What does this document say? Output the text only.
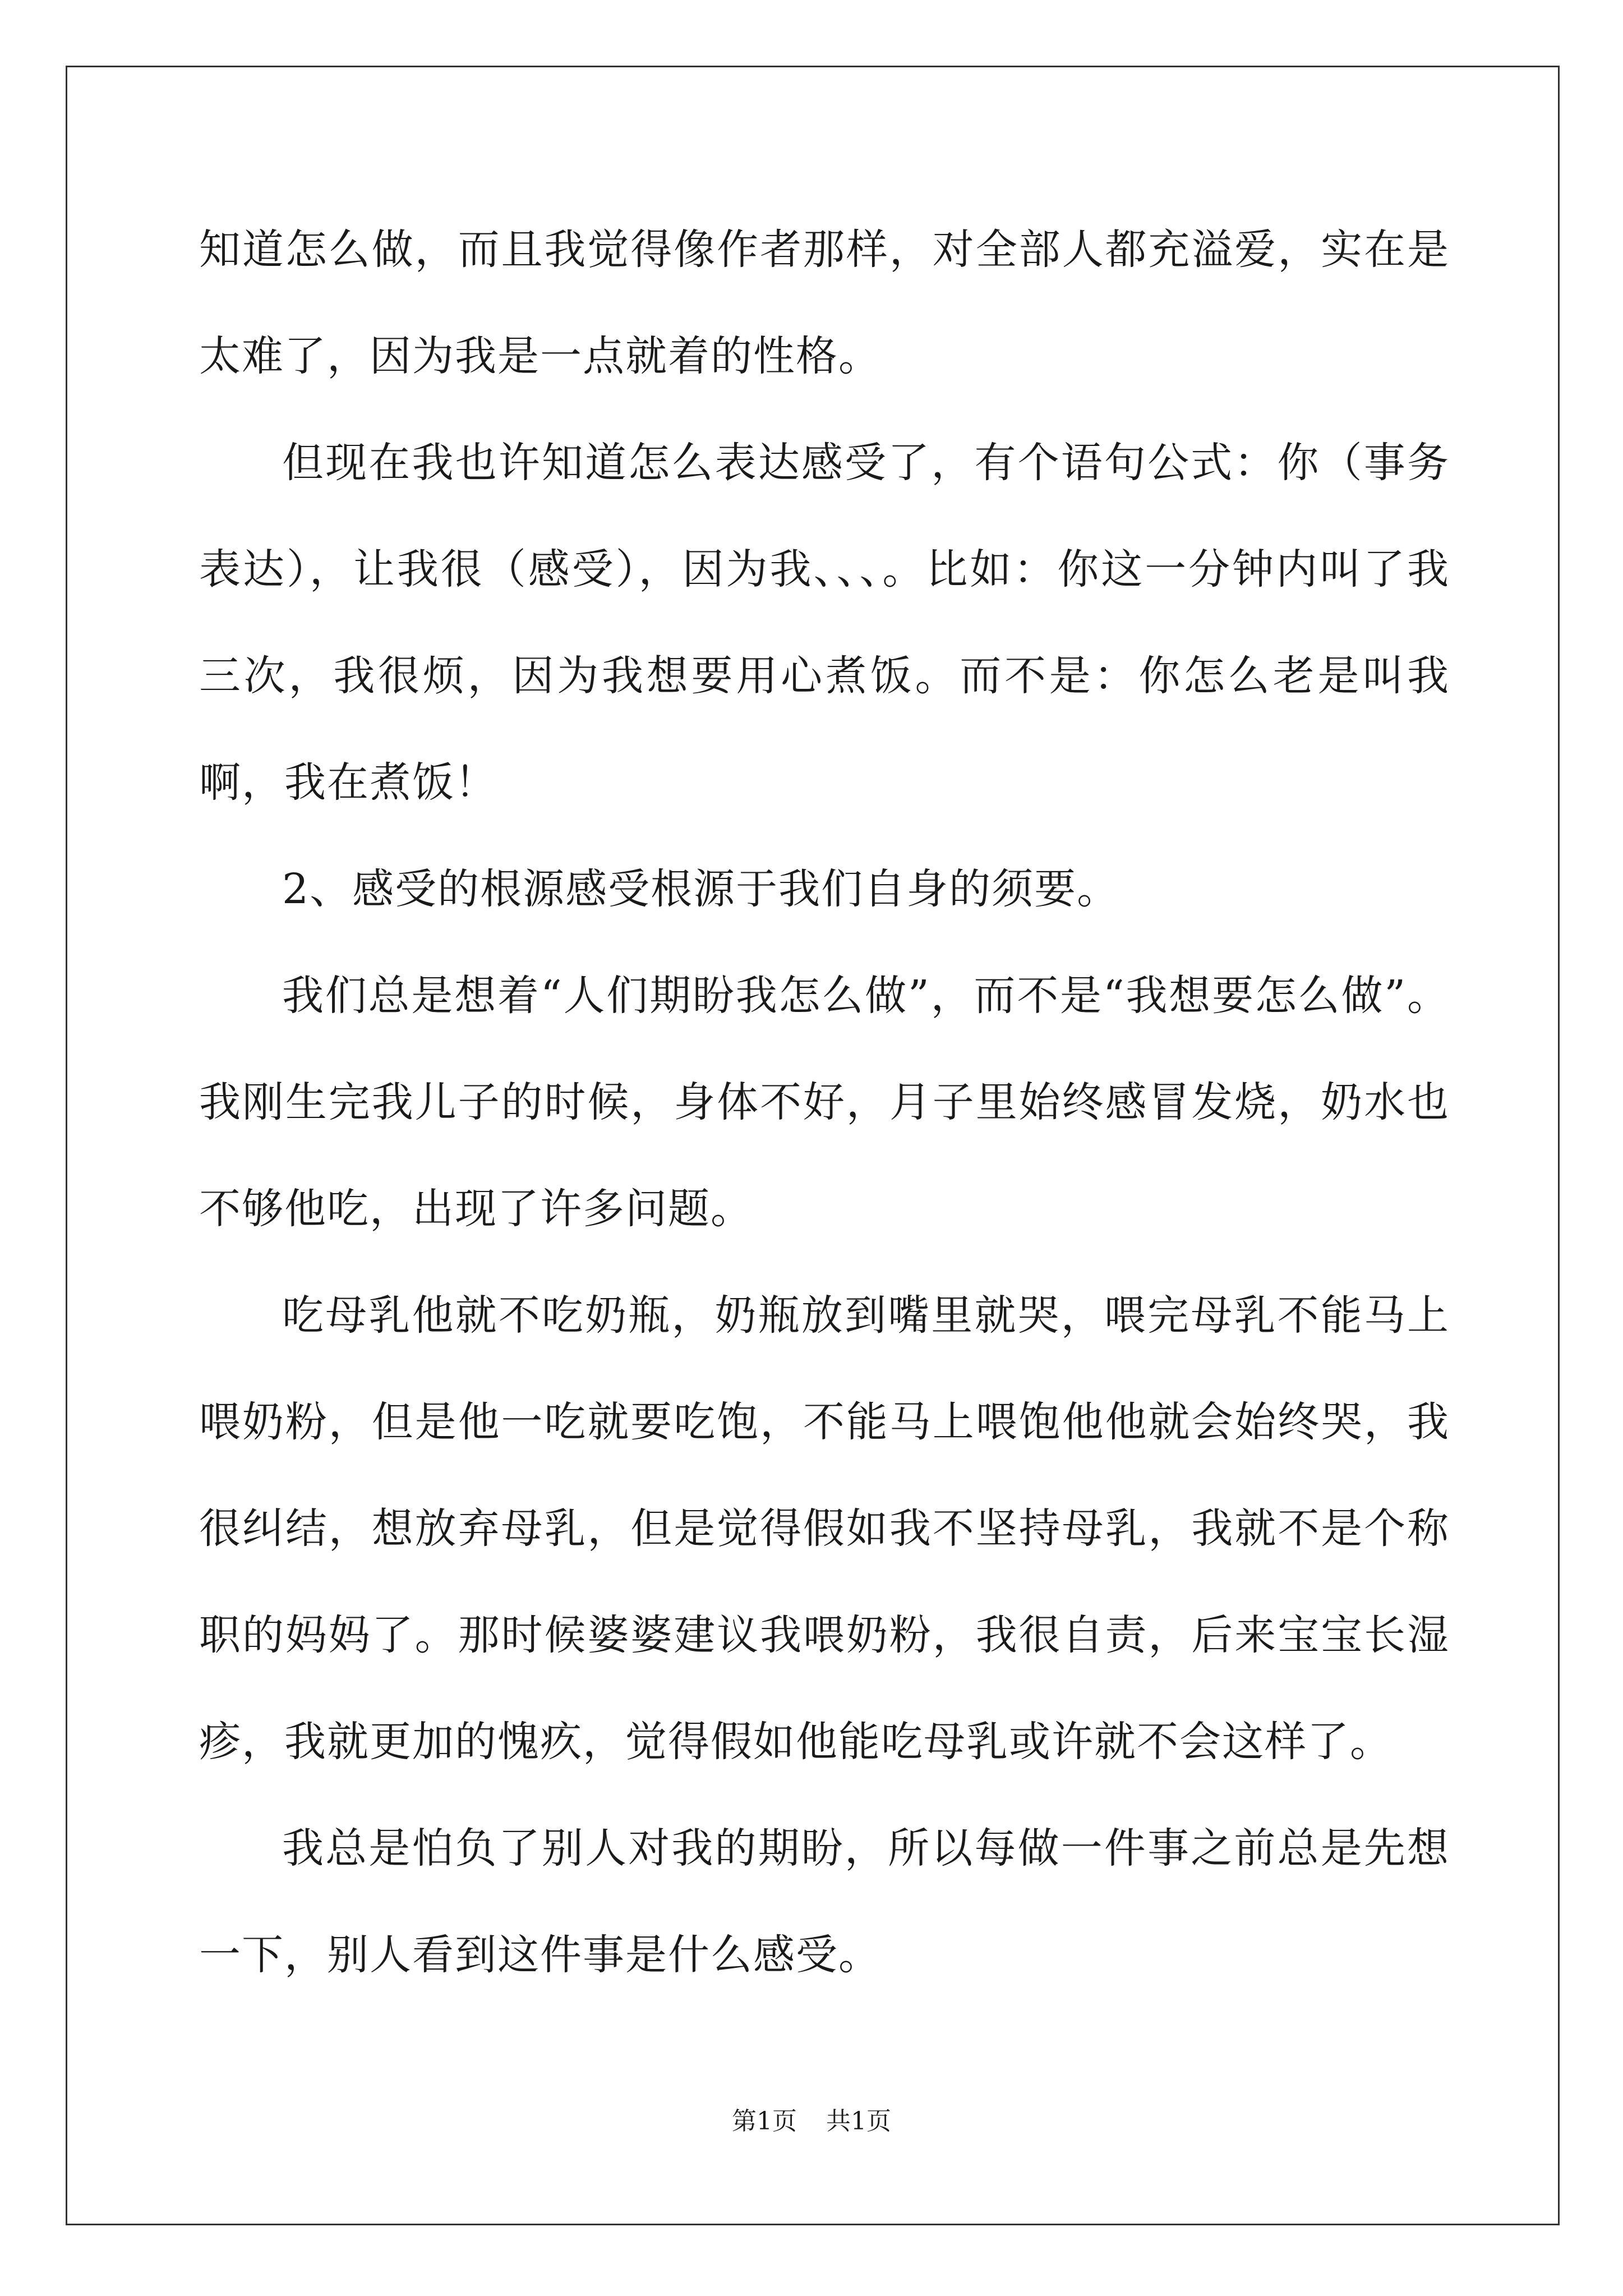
知道怎么做，而且我觉得像作者那样，对全部人都充溢爱，实在是太难了，因为我是一点就着的性格。

但现在我也许知道怎么表达感受了，有个语句公式：你（事务表达），让我很（感受），因为我、、、。比如：你这一分钟内叫了我三次，我很烦，因为我想要用心煮饭。而不是：你怎么老是叫我啊，我在煮饭！

2、感受的根源感受根源于我们自身的须要。

我们总是想着“人们期盼我怎么做”，而不是“我想要怎么做”。我刚生完我儿子的时候，身体不好，月子里始终感冒发烧，奶水也不够他吃，出现了许多问题。

吃母乳他就不吃奶瓶，奶瓶放到嘴里就哭，喂完母乳不能马上喂奶粉，但是他一吃就要吃饱，不能马上喂饱他他就会始终哭，我很纠结，想放弃母乳，但是觉得假如我不坚持母乳，我就不是个称职的妈妈了。那时候婆婆建议我喂奶粉，我很自责，后来宝宝长湿疹，我就更加的愧疚，觉得假如他能吃母乳或许就不会这样了。

我总是怕负了别人对我的期盼，所以每做一件事之前总是先想一下，别人看到这件事是什么感受。

第1页 共1页
